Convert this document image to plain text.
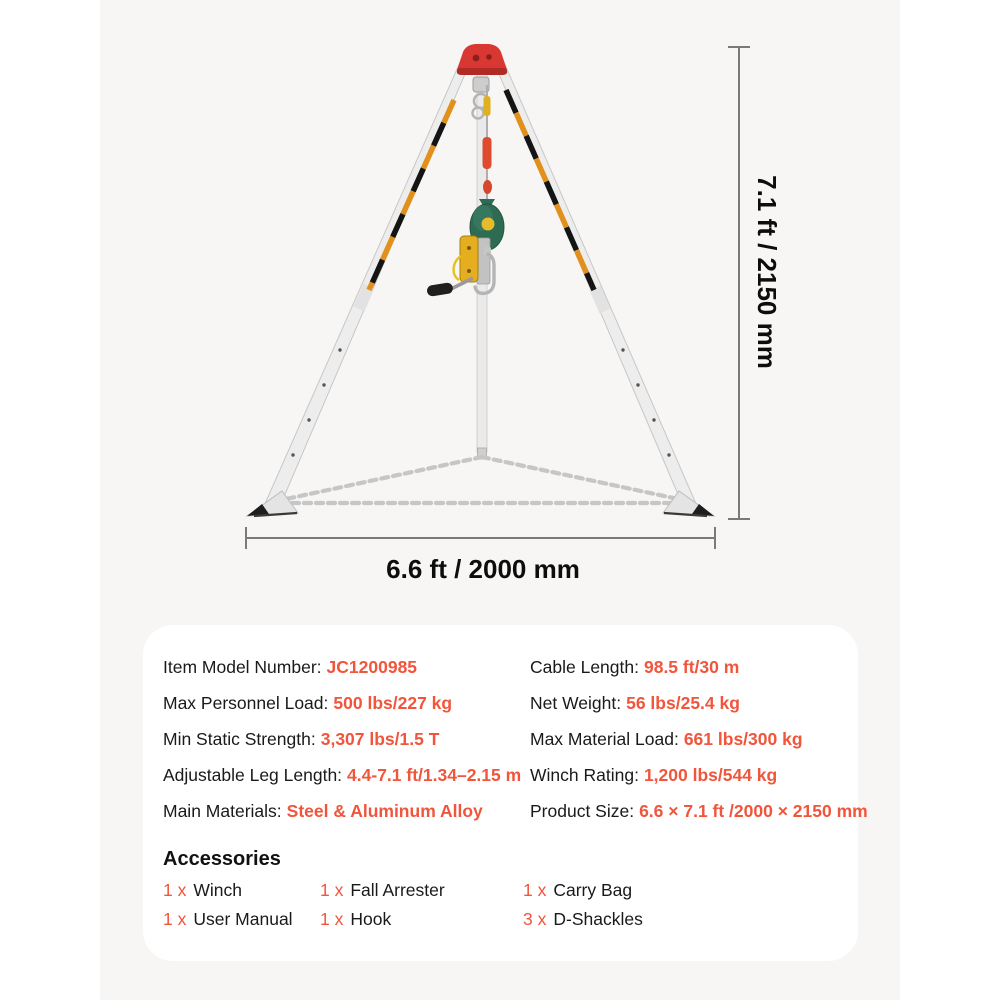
7.1 ft / 2150 mm
6.6 ft / 2000 mm
Item Model Number: JC1200985
Max Personnel Load: 500 lbs/227 kg
Min Static Strength: 3,307 lbs/1.5 T
Adjustable Leg Length: 4.4-7.1 ft/1.34–2.15 m
Main Materials: Steel & Aluminum Alloy
Cable Length: 98.5 ft/30 m
Net Weight: 56 lbs/25.4 kg
Max Material Load: 661 lbs/300 kg
Winch Rating: 1,200 lbs/544 kg
Product Size: 6.6 × 7.1 ft /2000 × 2150 mm
Accessories
1 x Winch	1 x Fall Arrester	1 x Carry Bag
1 x User Manual	1 x Hook	3 x D-Shackles
